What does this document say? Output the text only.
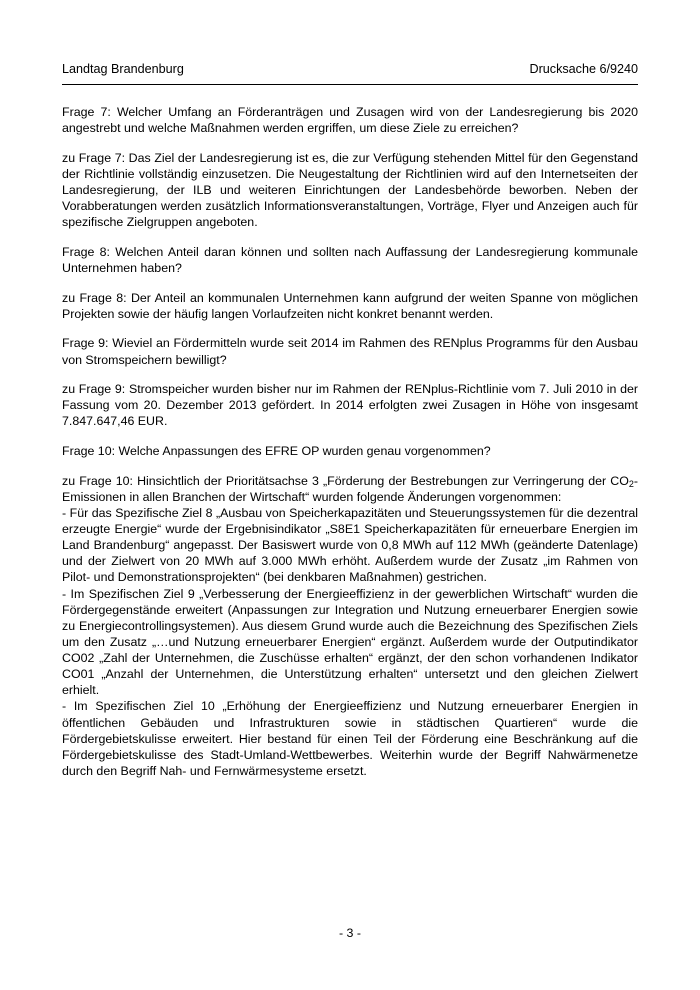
Landtag Brandenburg	Drucksache 6/9240

Frage 7: Welcher Umfang an Förderanträgen und Zusagen wird von der Landesregierung bis 2020 angestrebt und welche Maßnahmen werden ergriffen, um diese Ziele zu erreichen?

zu Frage 7: Das Ziel der Landesregierung ist es, die zur Verfügung stehenden Mittel für den Gegenstand der Richtlinie vollständig einzusetzen. Die Neugestaltung der Richtlinien wird auf den Internetseiten der Landesregierung, der ILB und weiteren Einrichtungen der Landesbehörde beworben. Neben der Vorabberatungen werden zusätzlich Informationsveranstaltungen, Vorträge, Flyer und Anzeigen auch für spezifische Zielgruppen angeboten.

Frage 8: Welchen Anteil daran können und sollten nach Auffassung der Landesregierung kommunale Unternehmen haben?

zu Frage 8: Der Anteil an kommunalen Unternehmen kann aufgrund der weiten Spanne von möglichen Projekten sowie der häufig langen Vorlaufzeiten nicht konkret benannt werden.

Frage 9: Wieviel an Fördermitteln wurde seit 2014 im Rahmen des RENplus Programms für den Ausbau von Stromspeichern bewilligt?

zu Frage 9: Stromspeicher wurden bisher nur im Rahmen der RENplus-Richtlinie vom 7. Juli 2010 in der Fassung vom 20. Dezember 2013 gefördert. In 2014 erfolgten zwei Zusagen in Höhe von insgesamt 7.847.647,46 EUR.

Frage 10: Welche Anpassungen des EFRE OP wurden genau vorgenommen?

zu Frage 10: Hinsichtlich der Prioritätsachse 3 „Förderung der Bestrebungen zur Verringerung der $CO_2$-Emissionen in allen Branchen der Wirtschaft“ wurden folgende Änderungen vorgenommen:

- Für das Spezifische Ziel 8 „Ausbau von Speicherkapazitäten und Steuerungssystemen für die dezentral erzeugte Energie“ wurde der Ergebnisindikator „S8E1 Speicherkapazitäten für erneuerbare Energien im Land Brandenburg“ angepasst. Der Basiswert wurde von 0,8 MWh auf 112 MWh (geänderte Datenlage) und der Zielwert von 20 MWh auf 3.000 MWh erhöht. Außerdem wurde der Zusatz „im Rahmen von Pilot- und Demonstrationsprojekten“ (bei denkbaren Maßnahmen) gestrichen.

- Im Spezifischen Ziel 9 „Verbesserung der Energieeffizienz in der gewerblichen Wirtschaft“ wurden die Fördergegenstände erweitert (Anpassungen zur Integration und Nutzung erneuerbarer Energien sowie zu Energiecontrollingsystemen). Aus diesem Grund wurde auch die Bezeichnung des Spezifischen Ziels um den Zusatz „…und Nutzung erneuerbarer Energien“ ergänzt. Außerdem wurde der Outputindikator CO02 „Zahl der Unternehmen, die Zuschüsse erhalten“ ergänzt, der den schon vorhandenen Indikator CO01 „Anzahl der Unternehmen, die Unterstützung erhalten“ untersetzt und den gleichen Zielwert erhielt.

- Im Spezifischen Ziel 10 „Erhöhung der Energieeffizienz und Nutzung erneuerbarer Energien in öffentlichen Gebäuden und Infrastrukturen sowie in städtischen Quartieren“ wurde die Fördergebietskulisse erweitert. Hier bestand für einen Teil der Förderung eine Beschränkung auf die Fördergebietskulisse des Stadt-Umland-Wettbewerbes. Weiterhin wurde der Begriff Nahwärmenetze durch den Begriff Nah- und Fernwärmesysteme ersetzt.

- 3 -
